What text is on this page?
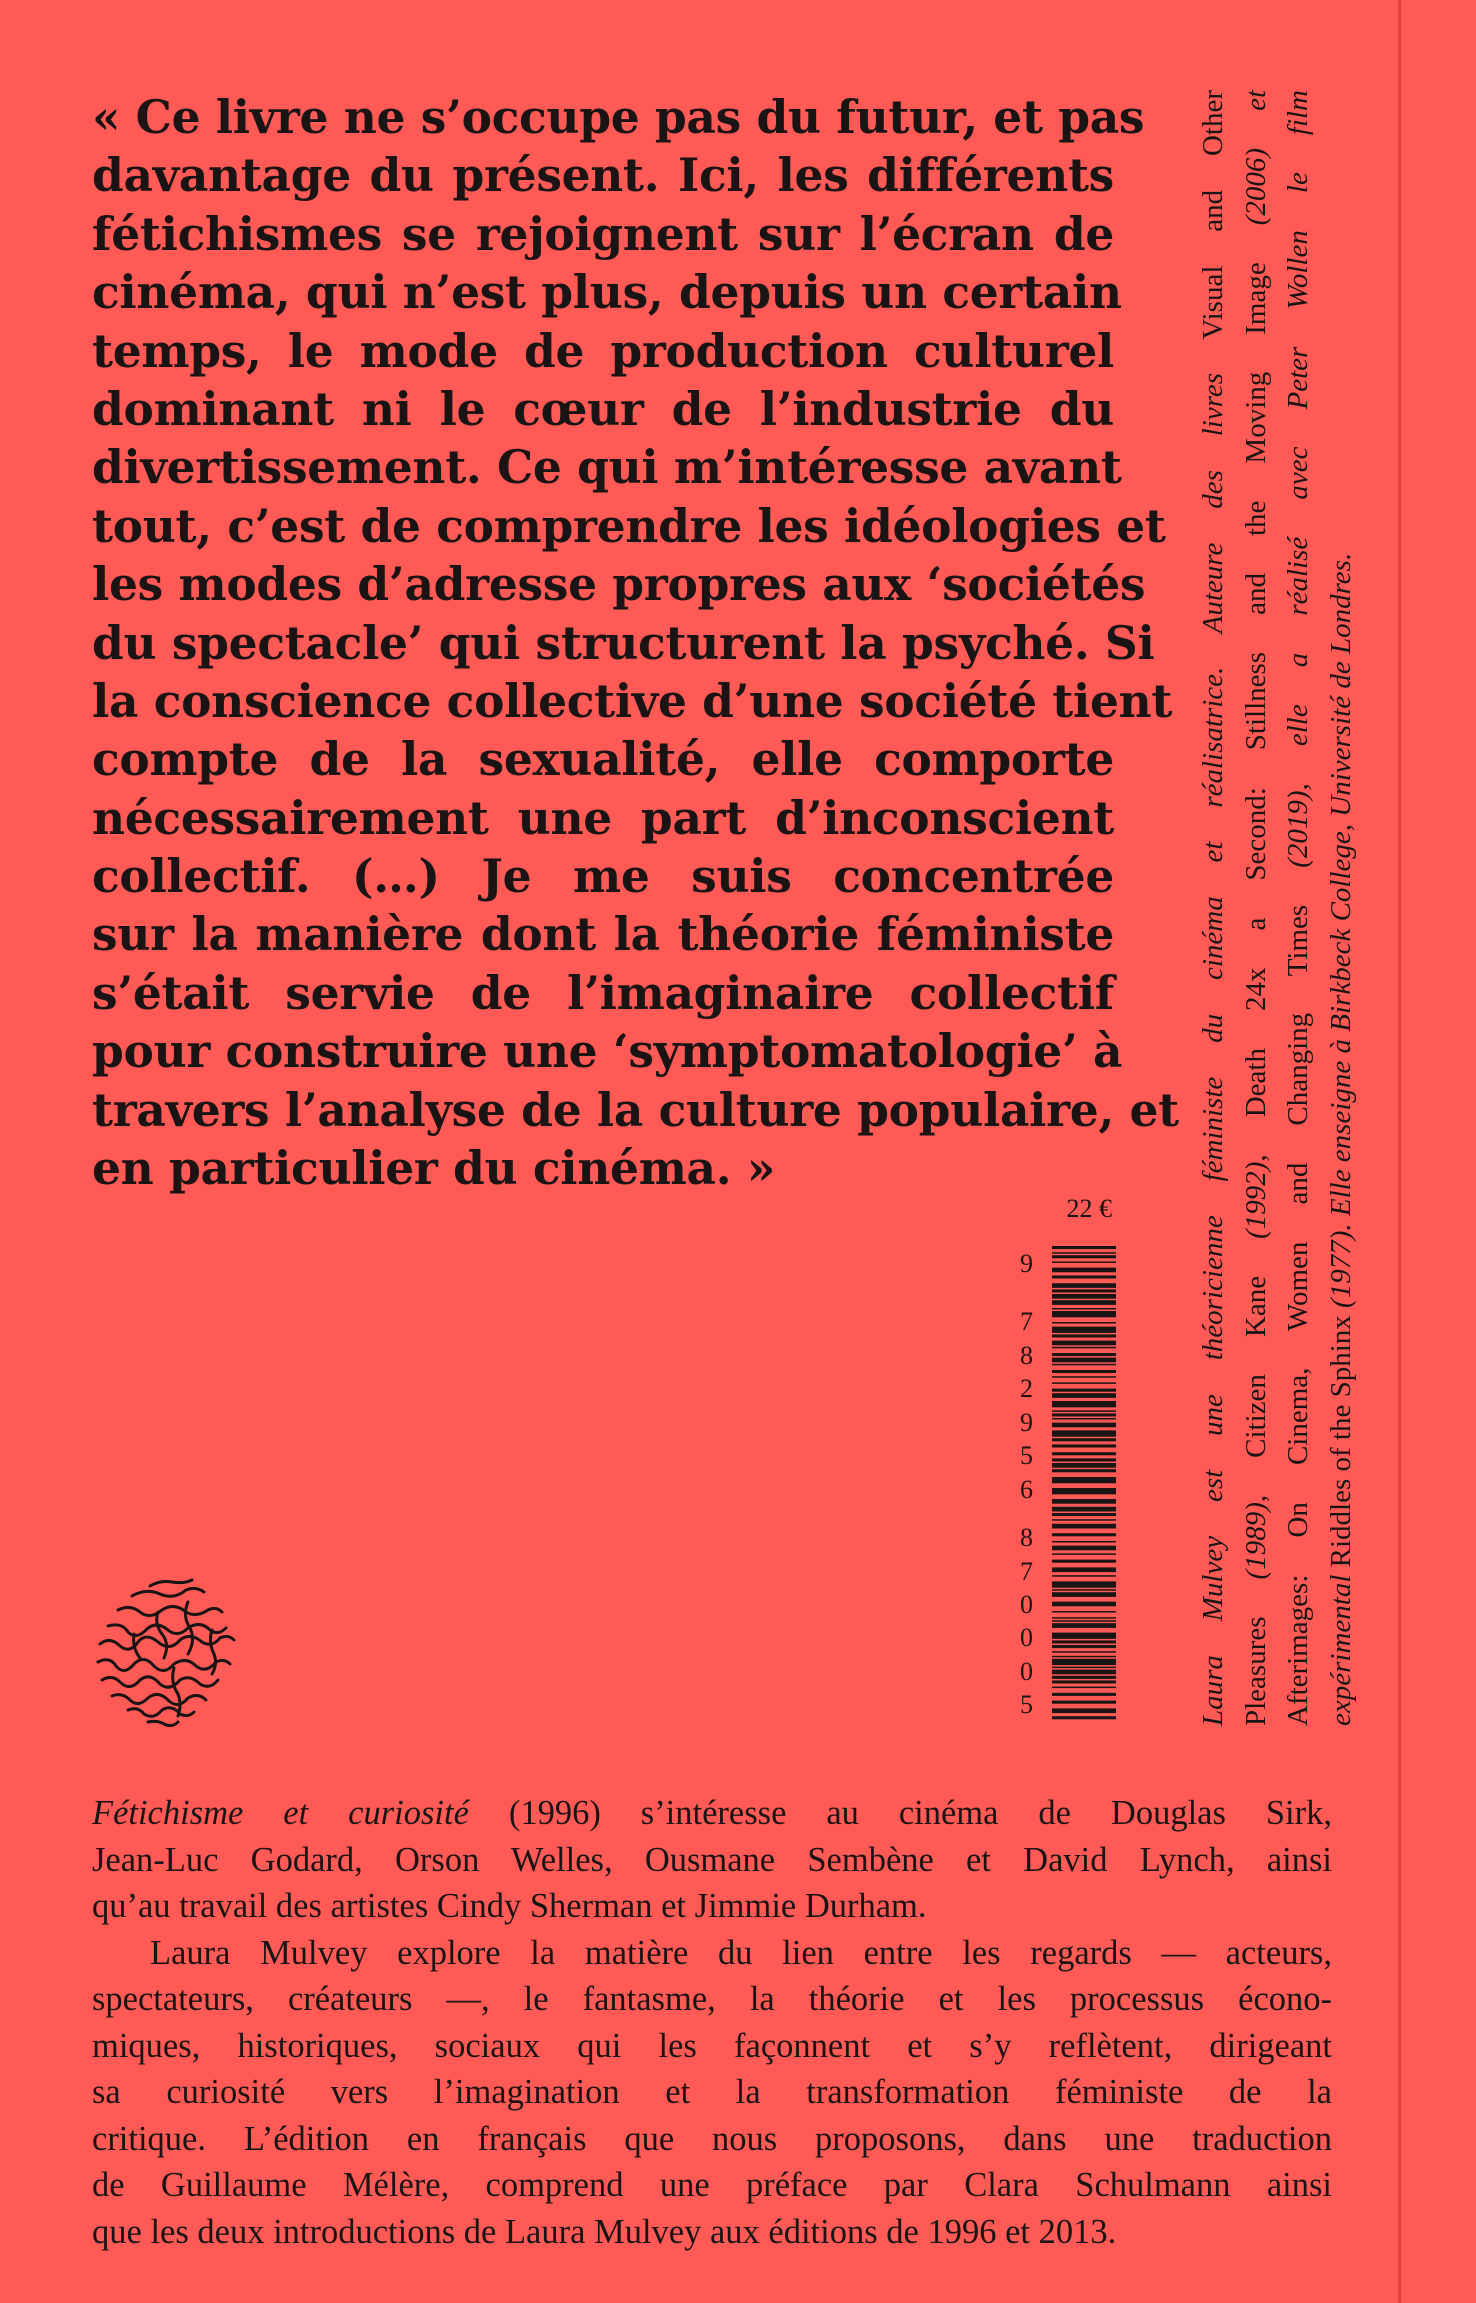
« Ce livre ne s’occupe pas du futur, et pas
davantage du présent. Ici, les différents
fétichismes se rejoignent sur l’écran de
cinéma, qui n’est plus, depuis un certain
temps, le mode de production culturel
dominant ni le cœur de l’industrie du
divertissement. Ce qui m’intéresse avant
tout, c’est de comprendre les idéologies et
les modes d’adresse propres aux ‘sociétés
du spectacle’ qui structurent la psyché. Si
la conscience collective d’une société tient
compte de la sexualité, elle comporte
nécessairement une part d’inconscient
collectif. (…) Je me suis concentrée
sur la manière dont la théorie féministe
s’était servie de l’imaginaire collectif
pour construire une ‘symptomatologie’ à
travers l’analyse de la culture populaire, et
en particulier du cinéma. »	Laura Mulvey est une théoricienne féministe du cinéma et réalisatrice. Auteure des livres Visual and Other
Pleasures (1989), Citizen Kane (1992), Death 24x a Second: Stillness and the Moving Image (2006) et
Afterimages: On Cinema, Women and Changing Times (2019), elle a réalisé avec Peter Wollen le film
expérimental Riddles of the Sphinx (1977). Elle enseigne à Birkbeck College, Université de Londres.
22 €
9
7
8
2
9
5
6
8
7
0
0
0
5
Fétichisme et curiosité (1996) s’intéresse au cinéma de Douglas Sirk,
Jean-Luc Godard, Orson Welles, Ousmane Sembène et David Lynch, ainsi
qu’au travail des artistes Cindy Sherman et Jimmie Durham.
Laura Mulvey explore la matière du lien entre les regards — acteurs,
spectateurs, créateurs —, le fantasme, la théorie et les processus écono-
miques, historiques, sociaux qui les façonnent et s’y reflètent, dirigeant
sa curiosité vers l’imagination et la transformation féministe de la
critique. L’édition en français que nous proposons, dans une traduction
de Guillaume Mélère, comprend une préface par Clara Schulmann ainsi
que les deux introductions de Laura Mulvey aux éditions de 1996 et 2013.
